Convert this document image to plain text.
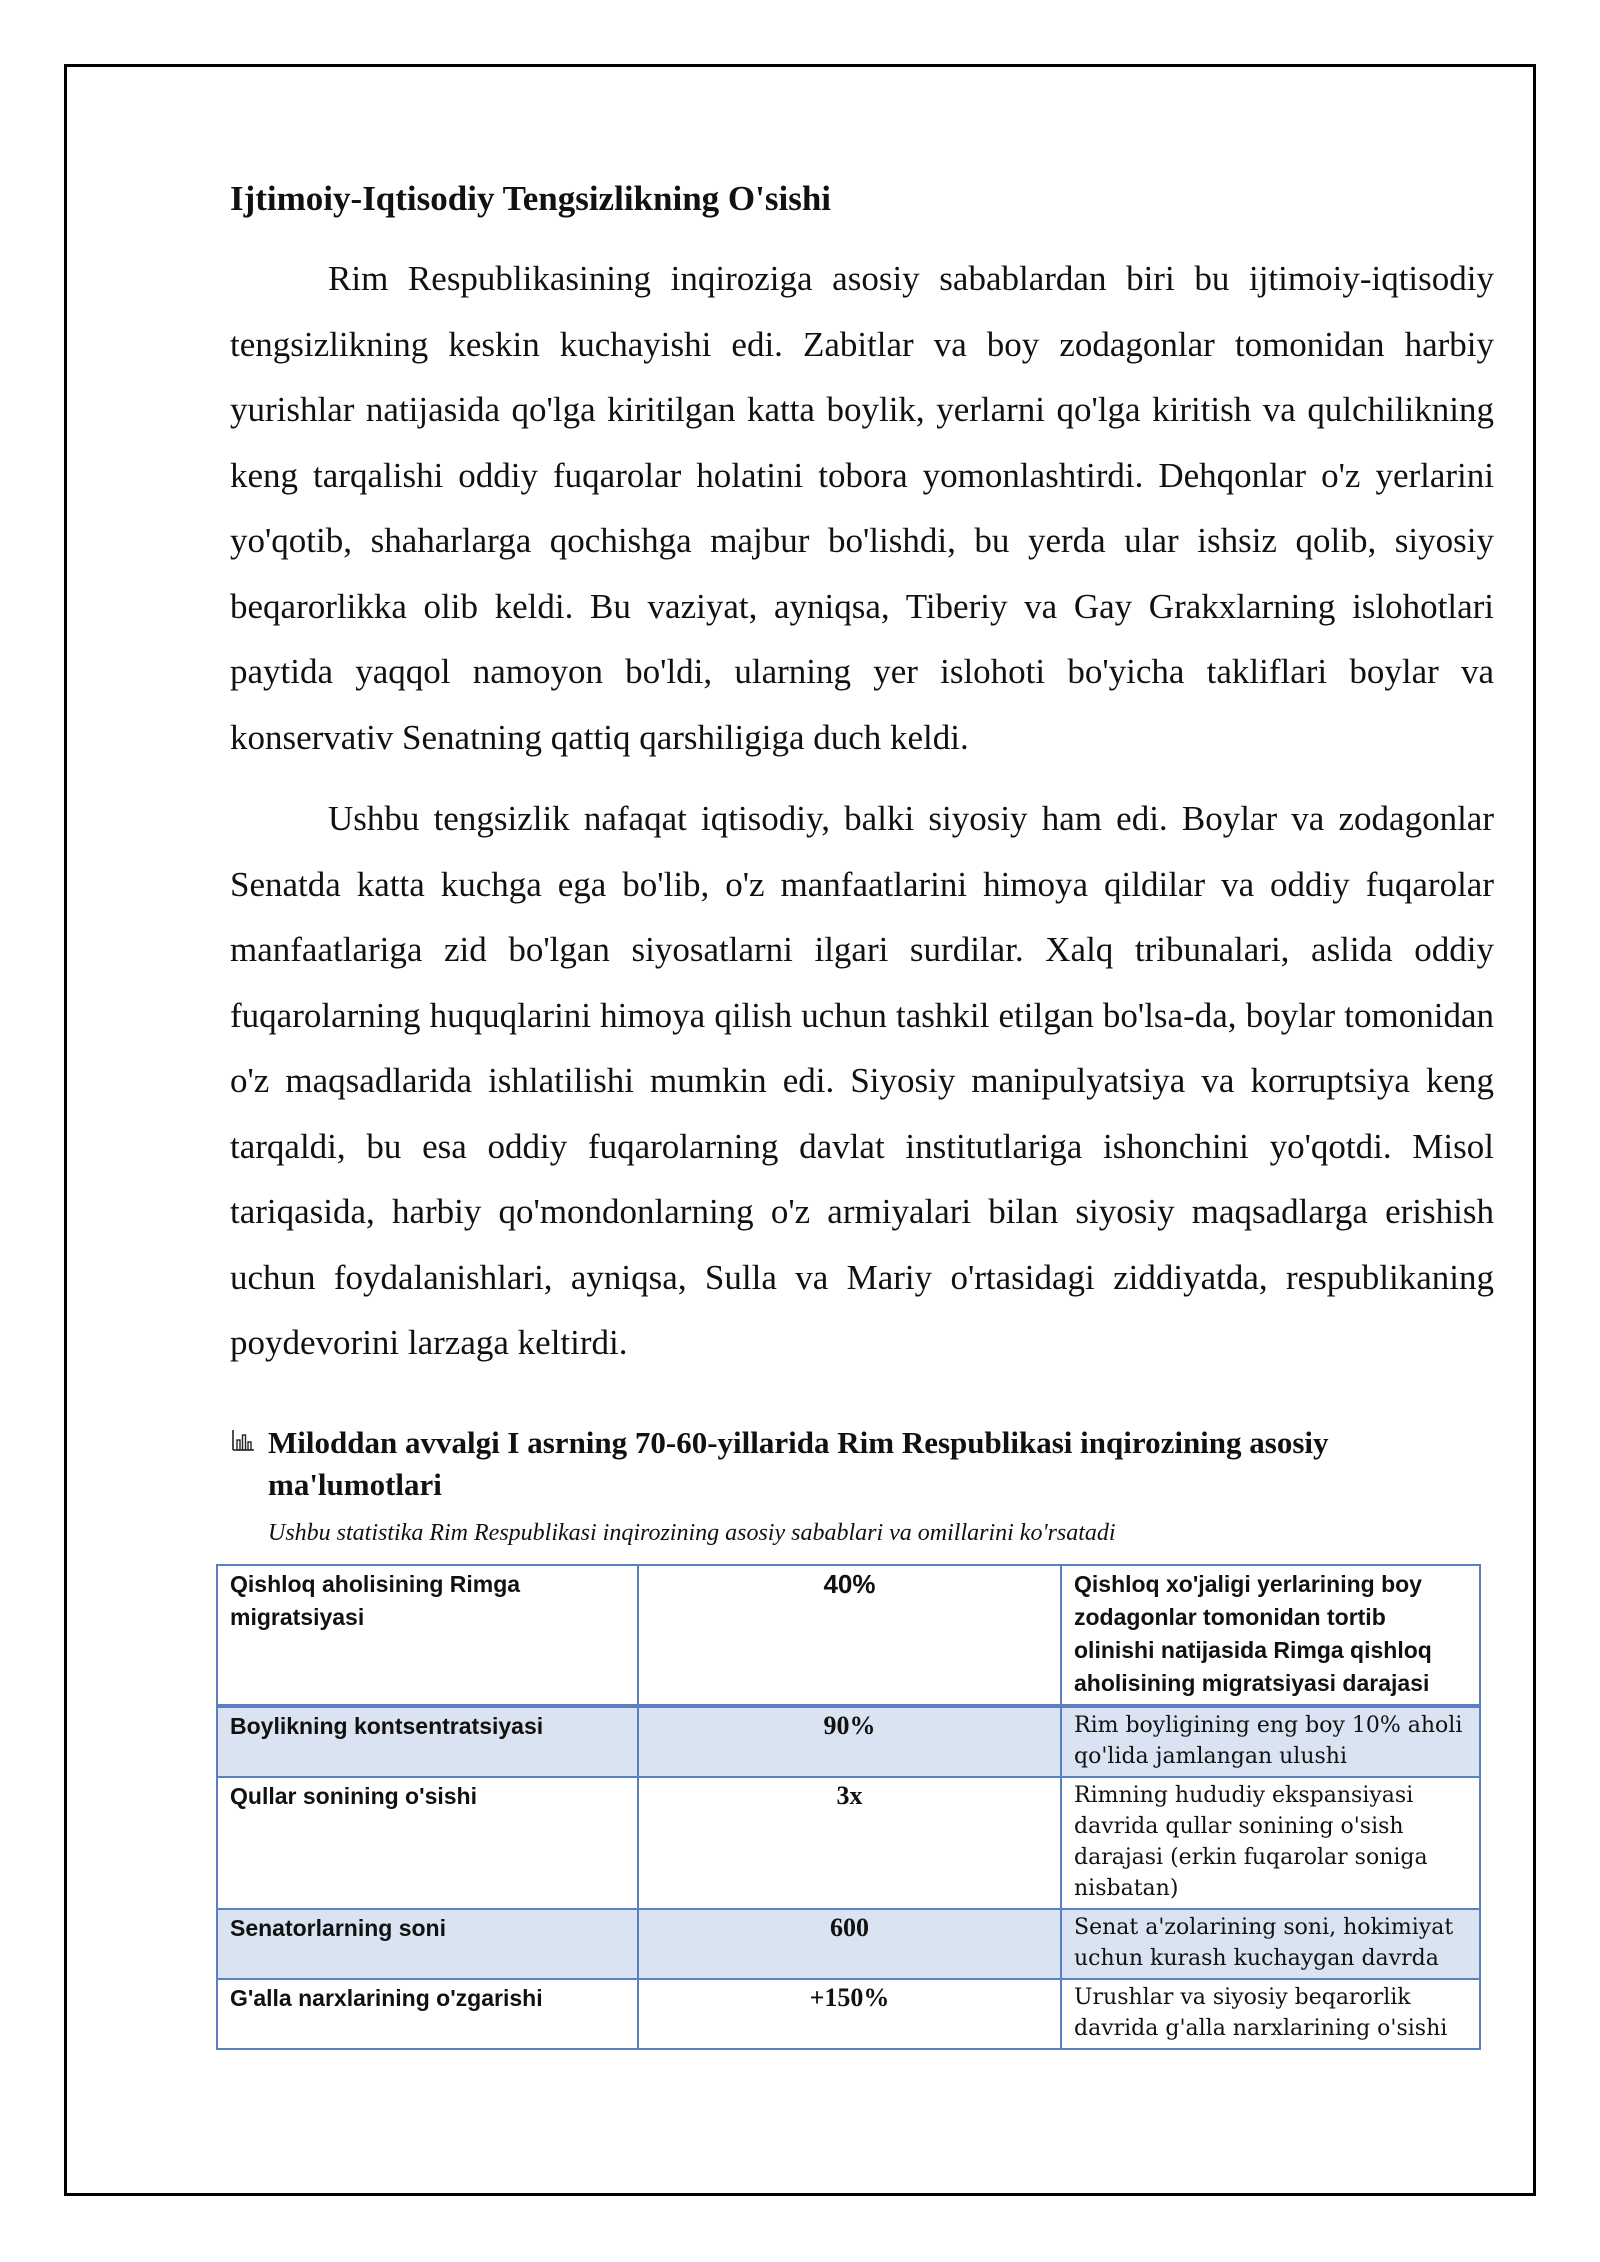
Ijtimoiy-Iqtisodiy Tengsizlikning O'sishi

Rim Respublikasining inqiroziga asosiy sabablardan biri bu ijtimoiy-iqtisodiy tengsizlikning keskin kuchayishi edi. Zabitlar va boy zodagonlar tomonidan harbiy yurishlar natijasida qo'lga kiritilgan katta boylik, yerlarni qo'lga kiritish va qulchilikning keng tarqalishi oddiy fuqarolar holatini tobora yomonlashtirdi. Dehqonlar o'z yerlarini yo'qotib, shaharlarga qochishga majbur bo'lishdi, bu yerda ular ishsiz qolib, siyosiy beqarorlikka olib keldi. Bu vaziyat, ayniqsa, Tiberiy va Gay Grakxlarning islohotlari paytida yaqqol namoyon bo'ldi, ularning yer islohoti bo'yicha takliflari boylar va konservativ Senatning qattiq qarshiligiga duch keldi.

Ushbu tengsizlik nafaqat iqtisodiy, balki siyosiy ham edi. Boylar va zodagonlar Senatda katta kuchga ega bo'lib, o'z manfaatlarini himoya qildilar va oddiy fuqarolar manfaatlariga zid bo'lgan siyosatlarni ilgari surdilar. Xalq tribunalari, aslida oddiy fuqarolarning huquqlarini himoya qilish uchun tashkil etilgan bo'lsa-da, boylar tomonidan o'z maqsadlarida ishlatilishi mumkin edi. Siyosiy manipulyatsiya va korruptsiya keng tarqaldi, bu esa oddiy fuqarolarning davlat institutlariga ishonchini yo'qotdi. Misol tariqasida, harbiy qo'mondonlarning o'z armiyalari bilan siyosiy maqsadlarga erishish uchun foydalanishlari, ayniqsa, Sulla va Mariy o'rtasidagi ziddiyatda, respublikaning poydevorini larzaga keltirdi.

Miloddan avvalgi I asrning 70-60-yillarida Rim Respublikasi inqirozining asosiy ma'lumotlari
Ushbu statistika Rim Respublikasi inqirozining asosiy sabablari va omillarini ko'rsatadi
Qishloq aholisining Rimga migratsiyasi	40%	Qishloq xo'jaligi yerlarining boy zodagonlar tomonidan tortib olinishi natijasida Rimga qishloq aholisining migratsiyasi darajasi
Boylikning kontsentratsiyasi	90%	Rim boyligining eng boy 10% aholi qo'lida jamlangan ulushi
Qullar sonining o'sishi	3x	Rimning hududiy ekspansiyasi davrida qullar sonining o'sish darajasi (erkin fuqarolar soniga nisbatan)
Senatorlarning soni	600	Senat a'zolarining soni, hokimiyat uchun kurash kuchaygan davrda
G'alla narxlarining o'zgarishi	+150%	Urushlar va siyosiy beqarorlik davrida g'alla narxlarining o'sishi
